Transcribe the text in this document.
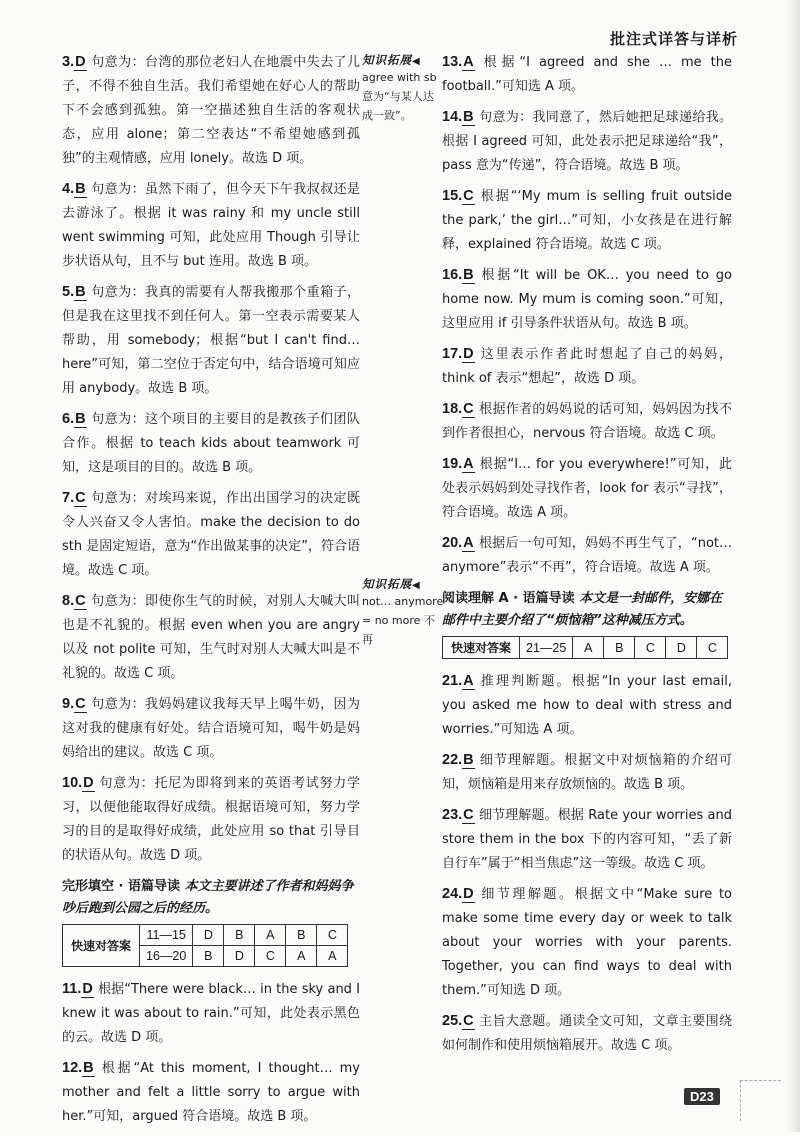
批注式详答与详析
3.D 句意为：台湾的那位老妇人在地震中失去了儿子，不得不独自生活。我们希望她在好心人的帮助下不会感到孤独。第一空描述独自生活的客观状态，应用 alone；第二空表达“不希望她感到孤独”的主观情感，应用 lonely。故选 D 项。
4.B 句意为：虽然下雨了，但今天下午我叔叔还是去游泳了。根据 it was rainy 和 my uncle still went swimming 可知，此处应用 Though 引导让步状语从句，且不与 but 连用。故选 B 项。
5.B 句意为：我真的需要有人帮我搬那个重箱子，但是我在这里找不到任何人。第一空表示需要某人帮助，用 somebody；根据“but I can't find… here”可知，第二空位于否定句中，结合语境可知应用 anybody。故选 B 项。
6.B 句意为：这个项目的主要目的是教孩子们团队合作。根据 to teach kids about teamwork 可知，这是项目的目的。故选 B 项。
7.C 句意为：对埃玛来说，作出出国学习的决定既令人兴奋又令人害怕。make the decision to do sth 是固定短语，意为“作出做某事的决定”，符合语境。故选 C 项。
8.C 句意为：即使你生气的时候，对别人大喊大叫也是不礼貌的。根据 even when you are angry 以及 not polite 可知，生气时对别人大喊大叫是不礼貌的。故选 C 项。
9.C 句意为：我妈妈建议我每天早上喝牛奶，因为这对我的健康有好处。结合语境可知，喝牛奶是妈妈给出的建议。故选 C 项。
10.D 句意为：托尼为即将到来的英语考试努力学习，以便他能取得好成绩。根据语境可知，努力学习的目的是取得好成绩，此处应用 so that 引导目的状语从句。故选 D 项。
完形填空 · 语篇导读 本文主要讲述了作者和妈妈争吵后跑到公园之后的经历。
快速对答案	11—15	D	B	A	B	C
	16—20	B	D	C	A	A
11.D 根据“There were black… in the sky and I knew it was about to rain.”可知，此处表示黑色的云。故选 D 项。
12.B 根据“At this moment, I thought… my mother and felt a little sorry to argue with her.”可知，argued 符合语境。故选 B 项。
知识拓展◀
agree with sb 意为“与某人达成一致”。
知识拓展◀
not… anymore = no more 不再
13.A 根据“I agreed and she … me the football.”可知选 A 项。
14.B 句意为：我同意了，然后她把足球递给我。根据 I agreed 可知，此处表示把足球递给“我”，pass 意为“传递”，符合语境。故选 B 项。
15.C 根据“‘My mum is selling fruit outside the park,’ the girl…”可知，小女孩是在进行解释，explained 符合语境。故选 C 项。
16.B 根据“It will be OK… you need to go home now. My mum is coming soon.”可知，这里应用 if 引导条件状语从句。故选 B 项。
17.D 这里表示作者此时想起了自己的妈妈，think of 表示“想起”，故选 D 项。
18.C 根据作者的妈妈说的话可知，妈妈因为找不到作者很担心，nervous 符合语境。故选 C 项。
19.A 根据“I… for you everywhere!”可知，此处表示妈妈到处寻找作者，look for 表示“寻找”，符合语境。故选 A 项。
20.A 根据后一句可知，妈妈不再生气了，“not… anymore”表示“不再”，符合语境。故选 A 项。
阅读理解 A · 语篇导读 本文是一封邮件，安娜在邮件中主要介绍了“烦恼箱”这种减压方式。
快速对答案	21—25	A	B	C	D	C
21.A 推理判断题。根据“In your last email, you asked me how to deal with stress and worries.”可知选 A 项。
22.B 细节理解题。根据文中对烦恼箱的介绍可知，烦恼箱是用来存放烦恼的。故选 B 项。
23.C 细节理解题。根据 Rate your worries and store them in the box 下的内容可知，“丢了新自行车”属于“相当焦虑”这一等级。故选 C 项。
24.D 细节理解题。根据文中“Make sure to make some time every day or week to talk about your worries with your parents. Together, you can find ways to deal with them.”可知选 D 项。
25.C 主旨大意题。通读全文可知，文章主要围绕如何制作和使用烦恼箱展开。故选 C 项。
D23
